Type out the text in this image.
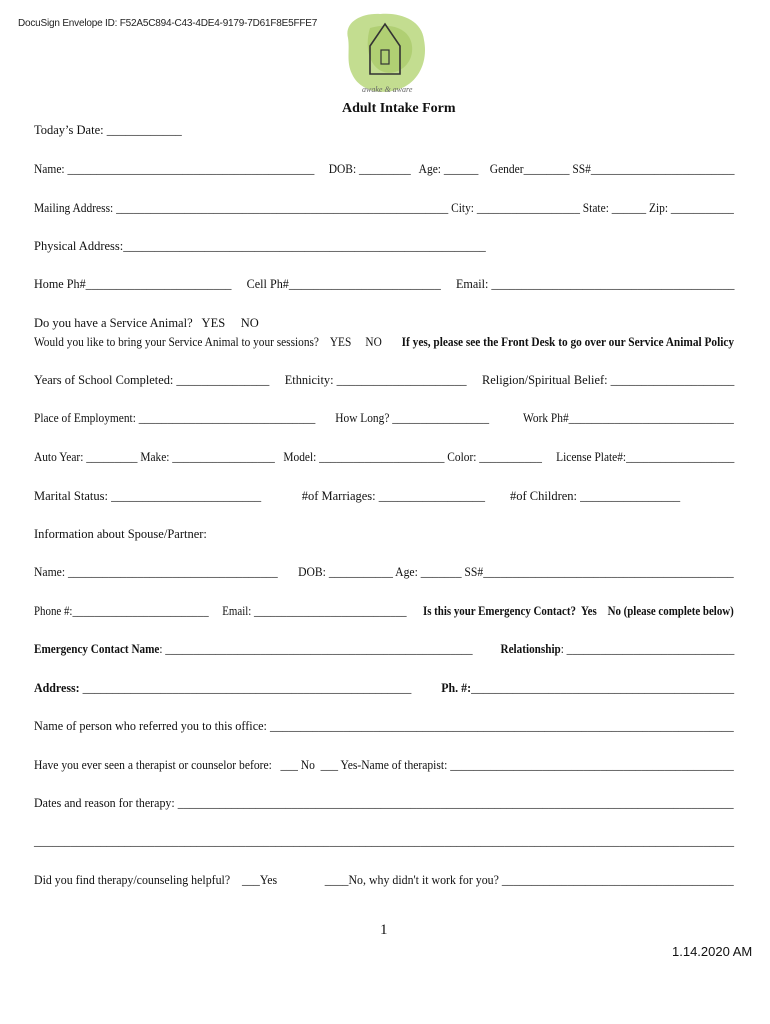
DocuSign Envelope ID: F52A5C894-C43-4DE4-9179-7D61F8E5FFE7
awake & aware
Adult Intake Form
Today’s Date: ____________
Name: ___________________________________________     DOB: _________   Age: ______    Gender________ SS#_________________________
Mailing Address: __________________________________________________________ City: __________________ State: ______ Zip: ___________
Physical Address:__________________________________________________________
Home Ph#________________________     Cell Ph#_________________________     Email: ________________________________________
Do you have a Service Animal?   YES     NO
Would you like to bring your Service Animal to your sessions?    YES     NO       If yes, please see the Front Desk to go over our Service Animal Policy
Years of School Completed: _______________     Ethnicity: _____________________     Religion/Spiritual Belief: ____________________
Place of Employment: _______________________________       How Long? _________________            Work Ph#_____________________________
Auto Year: _________ Make: __________________   Model: ______________________ Color: ___________     License Plate#:___________________
Marital Status: ________________________             #of Marriages: _________________        #of Children: ________________
Information about Spouse/Partner:
Name: ____________________________________       DOB: ___________ Age: _______ SS#___________________________________________
Phone #:_________________________     Email: ____________________________      Is this your Emergency Contact?  Yes    No (please complete below)
Emergency Contact Name: _______________________________________________________          Relationship: ______________________________
Address: _______________________________________________________          Ph. #:____________________________________________
Name of person who referred you to this office: ____________________________________________________________________________
Have you ever seen a therapist or counselor before:   ___ No  ___ Yes-Name of therapist: _________________________________________________
Dates and reason for therapy: _____________________________________________________________________________________________
____________________________________________________________________________________________________________________
Did you find therapy/counseling helpful?    ___Yes                ____No, why didn't it work for you? _______________________________________
1
1.14.2020 AM
